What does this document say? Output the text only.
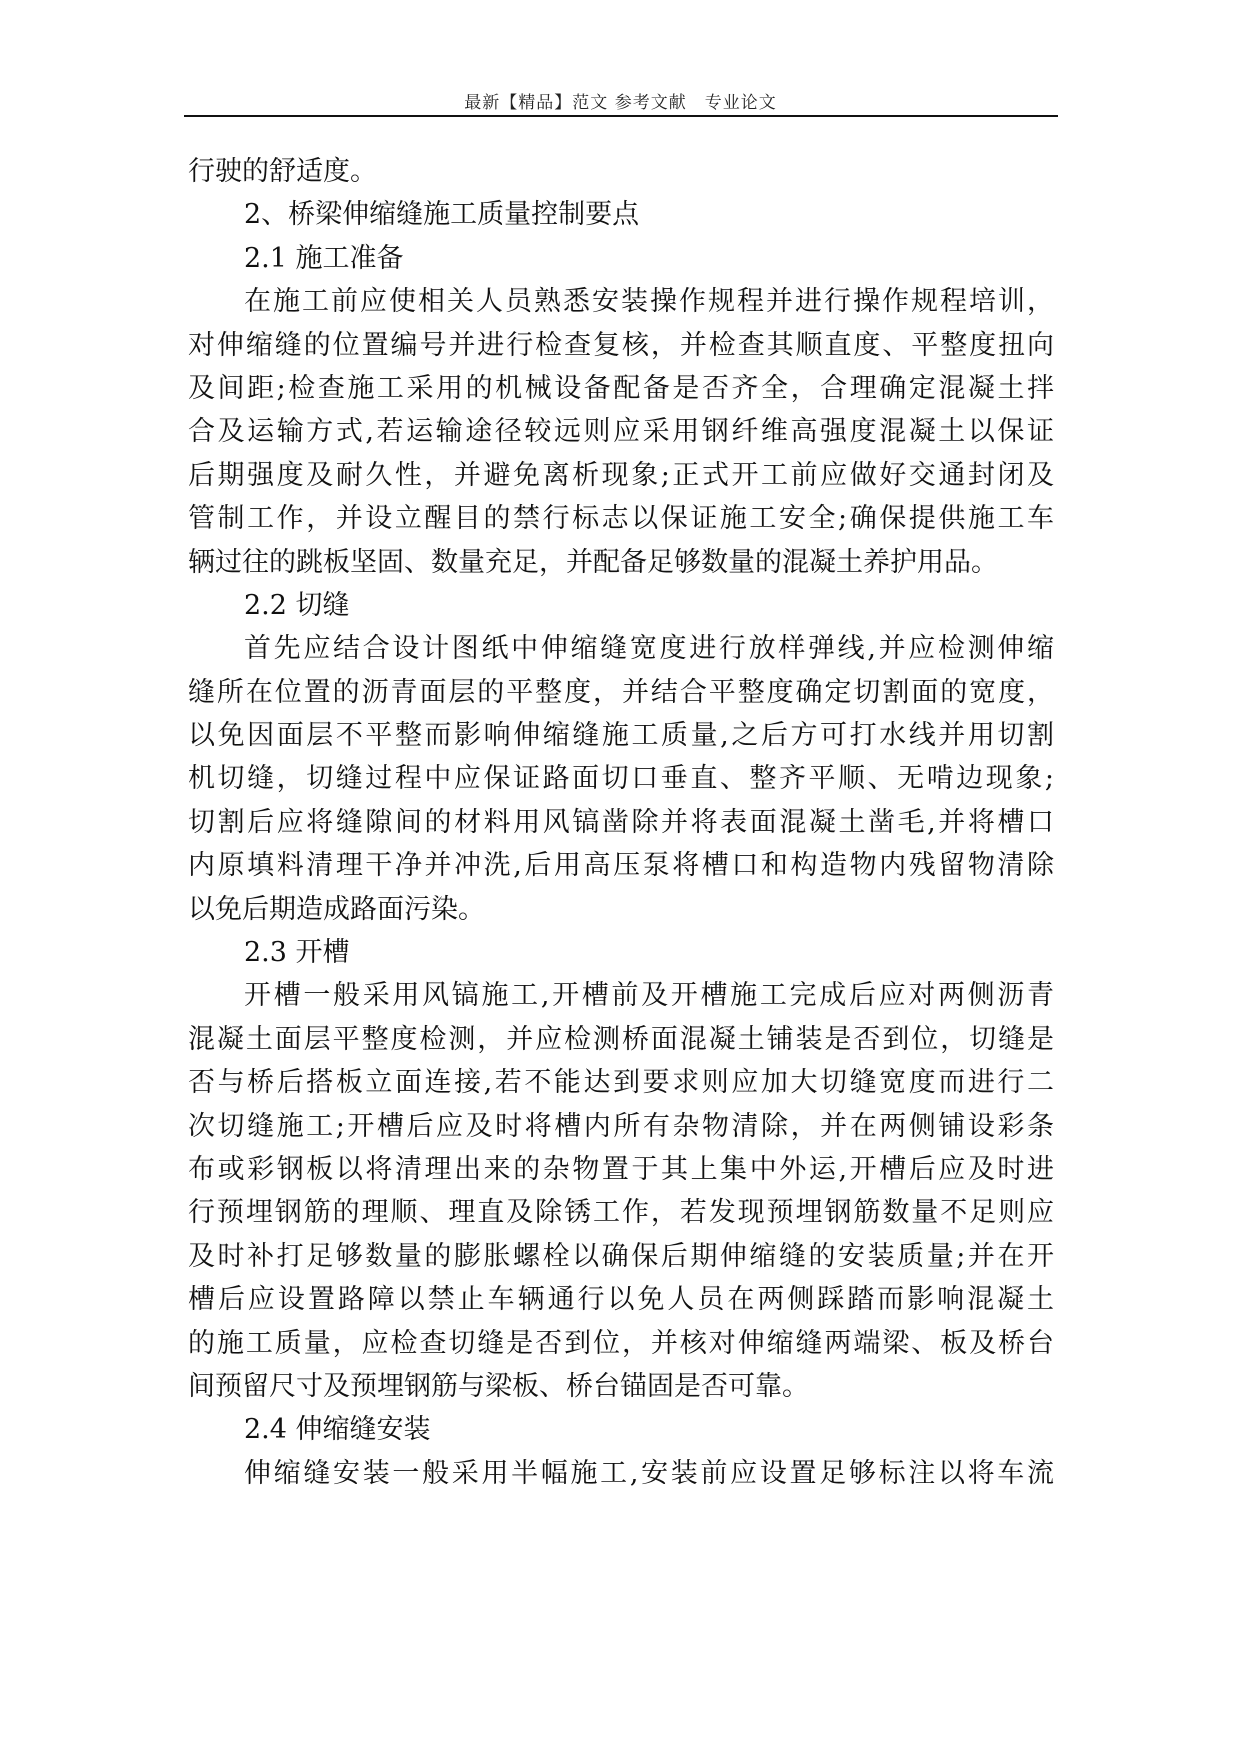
最新【精品】范文 参考文献　专业论文
行驶的舒适度。
2、桥梁伸缩缝施工质量控制要点
2.1 施工准备
在施工前应使相关人员熟悉安装操作规程并进行操作规程培训，
对伸缩缝的位置编号并进行检查复核，并检查其顺直度、平整度扭向
及间距;检查施工采用的机械设备配备是否齐全，合理确定混凝土拌
合及运输方式,若运输途径较远则应采用钢纤维高强度混凝土以保证
后期强度及耐久性，并避免离析现象;正式开工前应做好交通封闭及
管制工作，并设立醒目的禁行标志以保证施工安全;确保提供施工车
辆过往的跳板坚固、数量充足，并配备足够数量的混凝土养护用品。
2.2 切缝
首先应结合设计图纸中伸缩缝宽度进行放样弹线,并应检测伸缩
缝所在位置的沥青面层的平整度，并结合平整度确定切割面的宽度，
以免因面层不平整而影响伸缩缝施工质量,之后方可打水线并用切割
机切缝，切缝过程中应保证路面切口垂直、整齐平顺、无啃边现象;
切割后应将缝隙间的材料用风镐凿除并将表面混凝土凿毛,并将槽口
内原填料清理干净并冲洗,后用高压泵将槽口和构造物内残留物清除
以免后期造成路面污染。
2.3 开槽
开槽一般采用风镐施工,开槽前及开槽施工完成后应对两侧沥青
混凝土面层平整度检测，并应检测桥面混凝土铺装是否到位，切缝是
否与桥后搭板立面连接,若不能达到要求则应加大切缝宽度而进行二
次切缝施工;开槽后应及时将槽内所有杂物清除，并在两侧铺设彩条
布或彩钢板以将清理出来的杂物置于其上集中外运,开槽后应及时进
行预埋钢筋的理顺、理直及除锈工作，若发现预埋钢筋数量不足则应
及时补打足够数量的膨胀螺栓以确保后期伸缩缝的安装质量;并在开
槽后应设置路障以禁止车辆通行以免人员在两侧踩踏而影响混凝土
的施工质量，应检查切缝是否到位，并核对伸缩缝两端梁、板及桥台
间预留尺寸及预埋钢筋与梁板、桥台锚固是否可靠。
2.4 伸缩缝安装
伸缩缝安装一般采用半幅施工,安装前应设置足够标注以将车流
